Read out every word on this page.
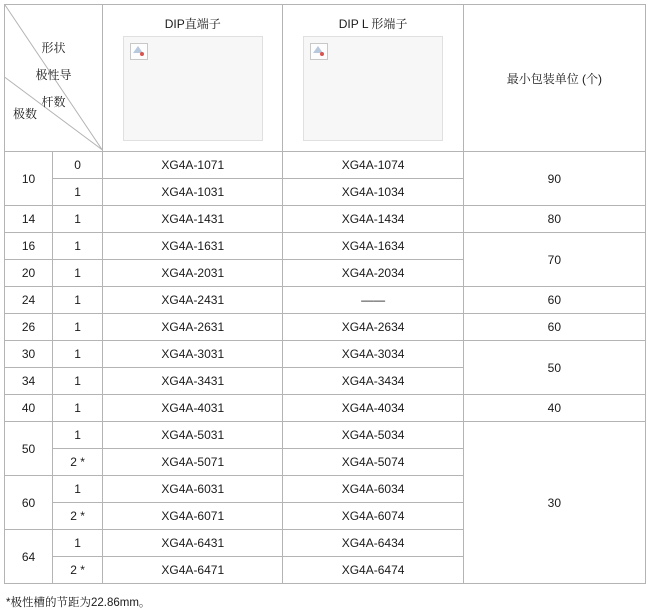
形状
极性导
杆数
极数		DIP直端子	DIP L 形端子	最小包装单位 (个)
10	0	XG4A-1071	XG4A-1074	90
	1	XG4A-1031	XG4A-1034	
14	1	XG4A-1431	XG4A-1434	80
16	1	XG4A-1631	XG4A-1634	70
20	1	XG4A-2031	XG4A-2034	
24	1	XG4A-2431	——	60
26	1	XG4A-2631	XG4A-2634	60
30	1	XG4A-3031	XG4A-3034	50
34	1	XG4A-3431	XG4A-3434	
40	1	XG4A-4031	XG4A-4034	40
50	1	XG4A-5031	XG4A-5034	30
	2 *	XG4A-5071	XG4A-5074	
60	1	XG4A-6031	XG4A-6034	
	2 *	XG4A-6071	XG4A-6074	
64	1	XG4A-6431	XG4A-6434	
	2 *	XG4A-6471	XG4A-6474	
*极性槽的节距为22.86mm。
